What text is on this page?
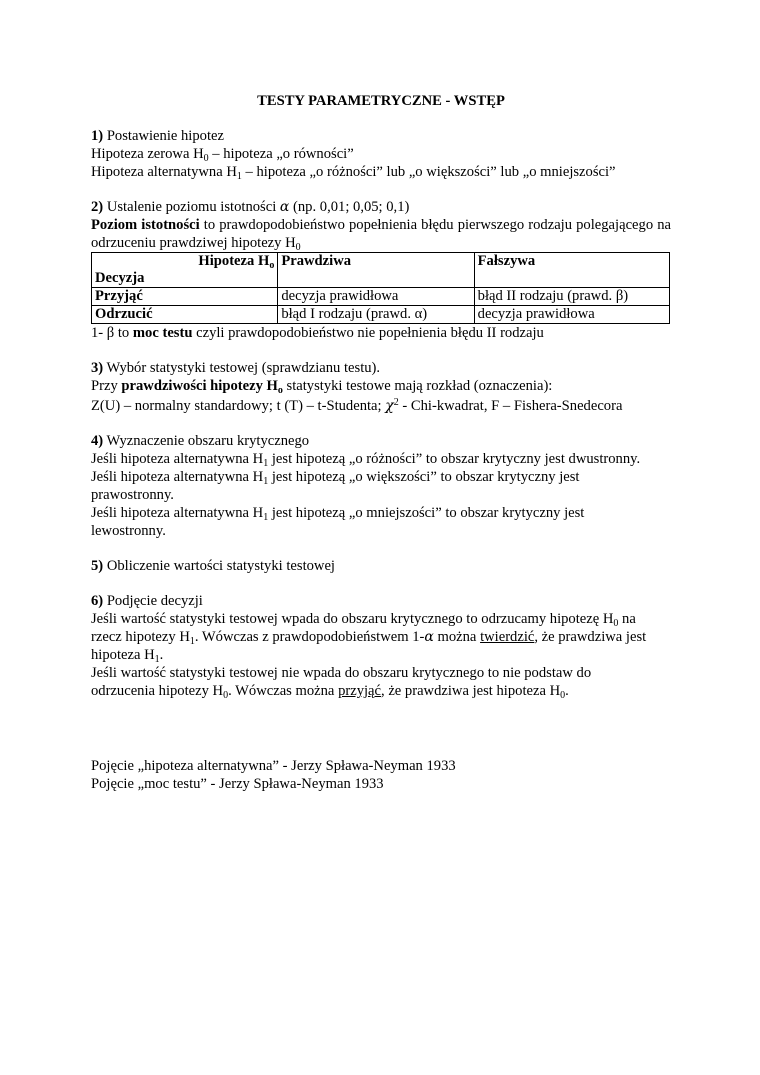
TESTY PARAMETRYCZNE - WSTĘP

1) Postawienie hipotez

Hipoteza zerowa $H_0$ – hipoteza „o równości”

Hipoteza alternatywna $H_1$ – hipoteza „o różności” lub „o większości” lub „o mniejszości”

2) Ustalenie poziomu istotności α (np. 0,01; 0,05; 0,1)

Poziom istotności to prawdopodobieństwo popełnienia błędu pierwszego rodzaju polegającego na odrzuceniu prawdziwej hipotezy $H_0$

Hipoteza $H_o$
Decyzja	Prawdziwa	Fałszywa
Przyjąć	decyzja prawidłowa	błąd II rodzaju (prawd. β)
Odrzucić	błąd I rodzaju (prawd. α)	decyzja prawidłowa

1- β to moc testu czyli prawdopodobieństwo nie popełnienia błędu II rodzaju

3) Wybór statystyki testowej (sprawdzianu testu).

Przy prawdziwości hipotezy $H_o$ statystyki testowe mają rozkład (oznaczenia):

Z(U) – normalny standardowy; t (T) – t-Studenta; $\chi^2$ - Chi-kwadrat, F – Fishera-Snedecora

4) Wyznaczenie obszaru krytycznego

Jeśli hipoteza alternatywna $H_1$ jest hipotezą „o różności” to obszar krytyczny jest dwustronny.

Jeśli hipoteza alternatywna $H_1$ jest hipotezą „o większości” to obszar krytyczny jest prawostronny.

Jeśli hipoteza alternatywna $H_1$ jest hipotezą „o mniejszości” to obszar krytyczny jest lewostronny.

5) Obliczenie wartości statystyki testowej

6) Podjęcie decyzji

Jeśli wartość statystyki testowej wpada do obszaru krytycznego to odrzucamy hipotezę $H_0$ na rzecz hipotezy $H_1$. Wówczas z prawdopodobieństwem 1-α można twierdzić, że prawdziwa jest hipoteza $H_1$.

Jeśli wartość statystyki testowej nie wpada do obszaru krytycznego to nie podstaw do odrzucenia hipotezy $H_0$. Wówczas można przyjąć, że prawdziwa jest hipoteza $H_0$.

Pojęcie „hipoteza alternatywna” - Jerzy Spława-Neyman 1933

Pojęcie „moc testu” - Jerzy Spława-Neyman 1933
